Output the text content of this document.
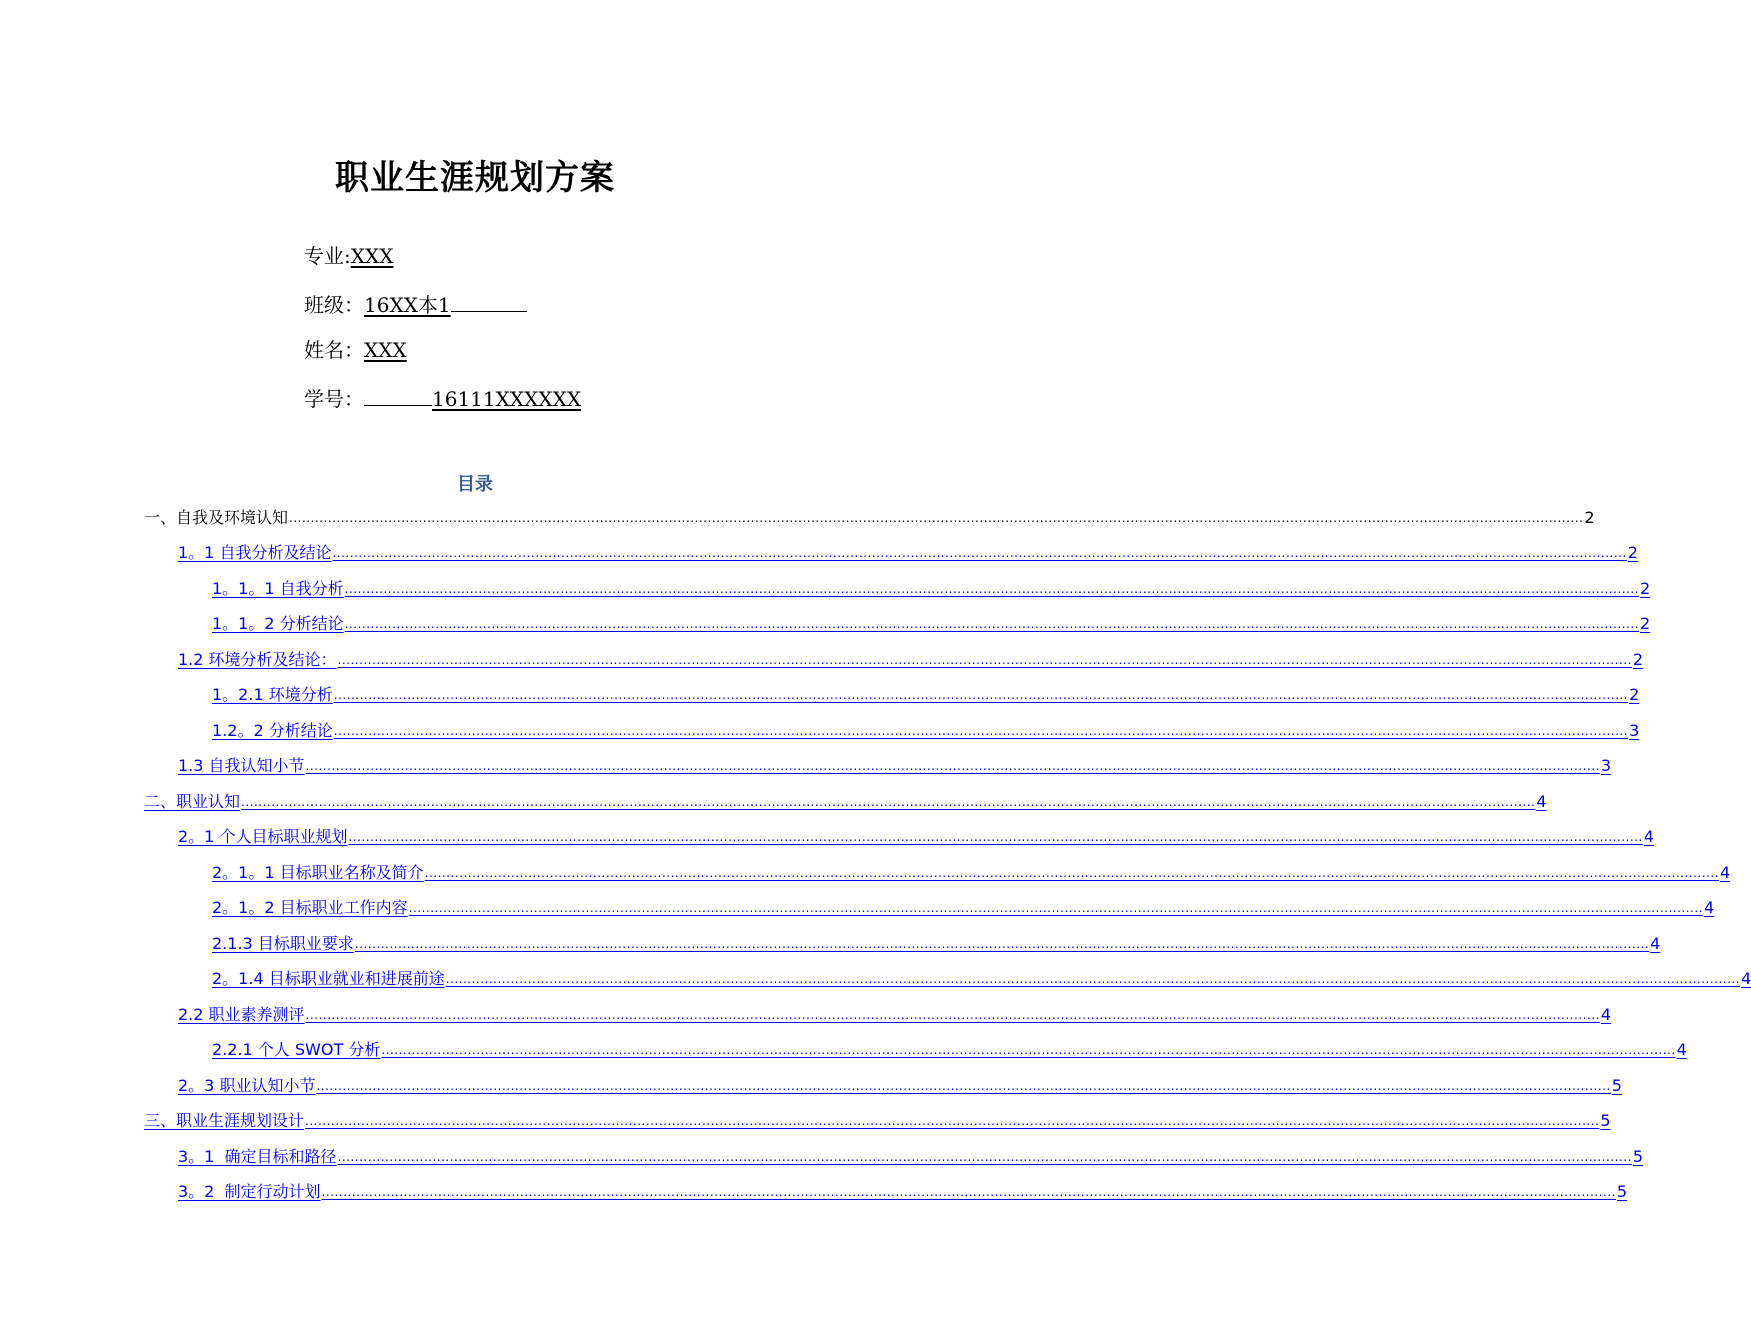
职业生涯规划方案
专业:XXX
班级：16XX本1
姓名：XXX
学号：	16111XXXXXX
目录
一、 自我及环境认知 ............................................................................................................................................................................................................................................................................................................ 2
1。1 自我分析及结论 ............................................................................................................................................................................................................................................................................................................ 2
1。1。1 自我分析 ............................................................................................................................................................................................................................................................................................................ 2
1。1。2 分析结论 ............................................................................................................................................................................................................................................................................................................ 2
1.2 环境分析及结论： ............................................................................................................................................................................................................................................................................................................ 2
1。2.1 环境分析 ............................................................................................................................................................................................................................................................................................................ 2
1.2。2 分析结论 ............................................................................................................................................................................................................................................................................................................ 3
1.3 自我认知小节 ............................................................................................................................................................................................................................................................................................................ 3
二、 职业认知 ............................................................................................................................................................................................................................................................................................................ 4
2。1 个人目标职业规划 ............................................................................................................................................................................................................................................................................................................ 4
2。1。1 目标职业名称及简介 ............................................................................................................................................................................................................................................................................................................ 4
2。1。2 目标职业工作内容 ............................................................................................................................................................................................................................................................................................................ 4
2.1.3 目标职业要求 ............................................................................................................................................................................................................................................................................................................ 4
2。1.4 目标职业就业和进展前途 ............................................................................................................................................................................................................................................................................................................ 4
2.2 职业素养测评 ............................................................................................................................................................................................................................................................................................................ 4
2.2.1 个人 SWOT 分析 ............................................................................................................................................................................................................................................................................................................ 4
2。3 职业认知小节 ............................................................................................................................................................................................................................................................................................................ 5
三、 职业生涯规划设计 ............................................................................................................................................................................................................................................................................................................ 5
3。1  确定目标和路径 ............................................................................................................................................................................................................................................................................................................ 5
3。2  制定行动计划 ............................................................................................................................................................................................................................................................................................................ 5
